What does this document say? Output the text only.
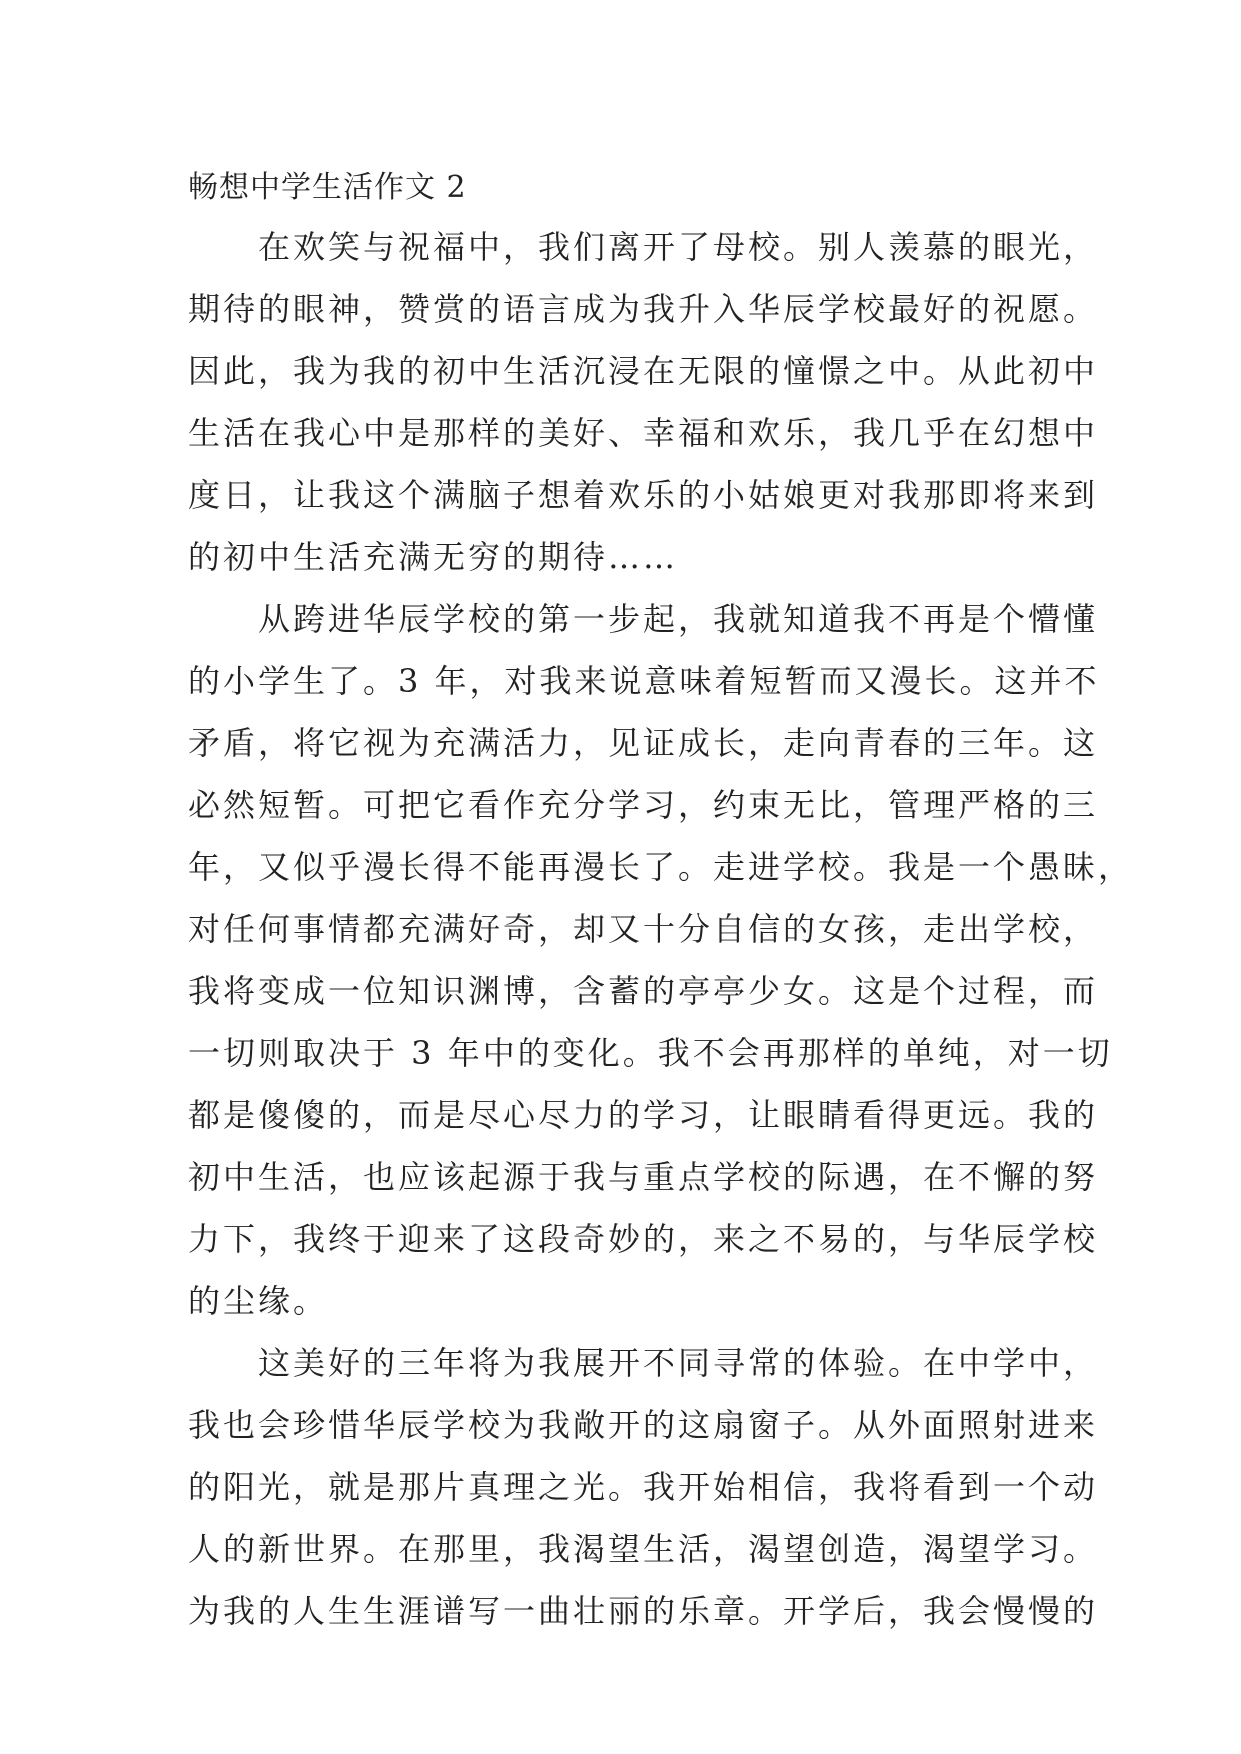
畅想中学生活作文 2

在欢笑与祝福中，我们离开了母校。别人羡慕的眼光，
期待的眼神，赞赏的语言成为我升入华辰学校最好的祝愿。
因此，我为我的初中生活沉浸在无限的憧憬之中。从此初中
生活在我心中是那样的美好、幸福和欢乐，我几乎在幻想中
度日，让我这个满脑子想着欢乐的小姑娘更对我那即将来到
的初中生活充满无穷的期待……

从跨进华辰学校的第一步起，我就知道我不再是个懵懂
的小学生了。3 年，对我来说意味着短暂而又漫长。这并不
矛盾，将它视为充满活力，见证成长，走向青春的三年。这
必然短暂。可把它看作充分学习，约束无比，管理严格的三
年，又似乎漫长得不能再漫长了。走进学校。我是一个愚昧，
对任何事情都充满好奇，却又十分自信的女孩，走出学校，
我将变成一位知识渊博，含蓄的亭亭少女。这是个过程，而
一切则取决于 3 年中的变化。我不会再那样的单纯，对一切
都是傻傻的，而是尽心尽力的学习，让眼睛看得更远。我的
初中生活，也应该起源于我与重点学校的际遇，在不懈的努
力下，我终于迎来了这段奇妙的，来之不易的，与华辰学校
的尘缘。

这美好的三年将为我展开不同寻常的体验。在中学中，
我也会珍惜华辰学校为我敞开的这扇窗子。从外面照射进来
的阳光，就是那片真理之光。我开始相信，我将看到一个动
人的新世界。在那里，我渴望生活，渴望创造，渴望学习。
为我的人生生涯谱写一曲壮丽的乐章。开学后，我会慢慢的
